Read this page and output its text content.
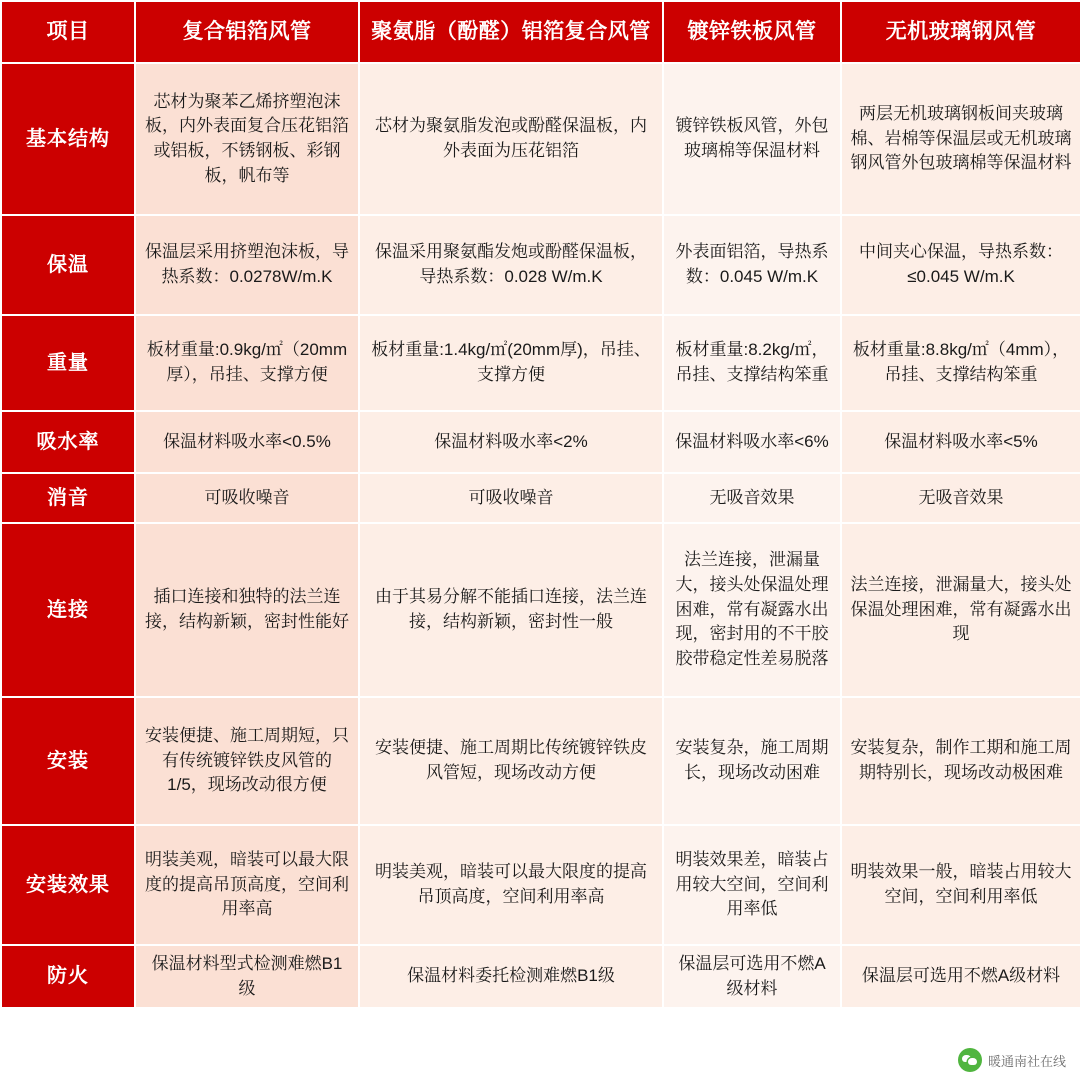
项目	复合铝箔风管	聚氨脂（酚醛）铝箔复合风管	镀锌铁板风管	无机玻璃钢风管
基本结构	芯材为聚苯乙烯挤塑泡沫板，内外表面复合压花铝箔或铝板，不锈钢板、彩钢板，帆布等	芯材为聚氨脂发泡或酚醛保温板，内外表面为压花铝箔	镀锌铁板风管，外包玻璃棉等保温材料	两层无机玻璃钢板间夹玻璃棉、岩棉等保温层或无机玻璃钢风管外包玻璃棉等保温材料
保温	保温层采用挤塑泡沫板，导热系数：0.0278W/m.K	保温采用聚氨酯发炮或酚醛保温板，导热系数：0.028 W/m.K	外表面铝箔，导热系数：0.045 W/m.K	中间夹心保温，导热系数：≤0.045 W/m.K
重量	板材重量:0.9kg/㎡（20mm厚），吊挂、支撑方便	板材重量:1.4kg/㎡(20mm厚)，吊挂、支撑方便	板材重量:8.2kg/㎡，吊挂、支撑结构笨重	板材重量:8.8kg/㎡（4mm），吊挂、支撑结构笨重
吸水率	保温材料吸水率<0.5%	保温材料吸水率<2%	保温材料吸水率<6%	保温材料吸水率<5%
消音	可吸收噪音	可吸收噪音	无吸音效果	无吸音效果
连接	插口连接和独特的法兰连接，结构新颖，密封性能好	由于其易分解不能插口连接，法兰连接，结构新颖，密封性一般	法兰连接，泄漏量大，接头处保温处理困难，常有凝露水出现，密封用的不干胶胶带稳定性差易脱落	法兰连接，泄漏量大，接头处保温处理困难，常有凝露水出现
安装	安装便捷、施工周期短，只有传统镀锌铁皮风管的1/5，现场改动很方便	安装便捷、施工周期比传统镀锌铁皮风管短，现场改动方便	安装复杂，施工周期长，现场改动困难	安装复杂，制作工期和施工周期特别长，现场改动极困难
安装效果	明装美观，暗装可以最大限度的提高吊顶高度，空间利用率高	明装美观，暗装可以最大限度的提高吊顶高度，空间利用率高	明装效果差，暗装占用较大空间，空间利用率低	明装效果一般，暗装占用较大空间，空间利用率低
防火	保温材料型式检测难燃B1级	保温材料委托检测难燃B1级	保温层可选用不燃A级材料	保温层可选用不燃A级材料
暖通南社在线
